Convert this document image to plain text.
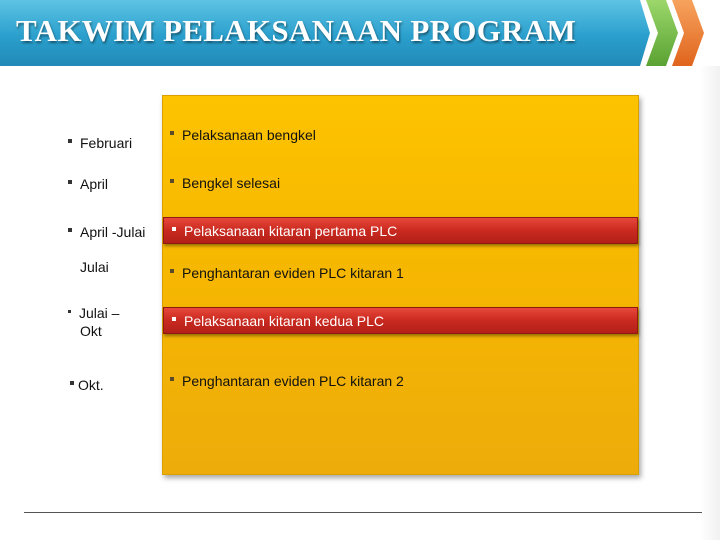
TAKWIM PELAKSANAAN PROGRAM
Februari
April
April -Julai
Julai
Julai –
Okt
Okt.
Pelaksanaan bengkel
Bengkel selesai
Pelaksanaan kitaran pertama PLC
Penghantaran eviden PLC kitaran 1
Pelaksanaan kitaran kedua PLC
Penghantaran eviden PLC kitaran 2
